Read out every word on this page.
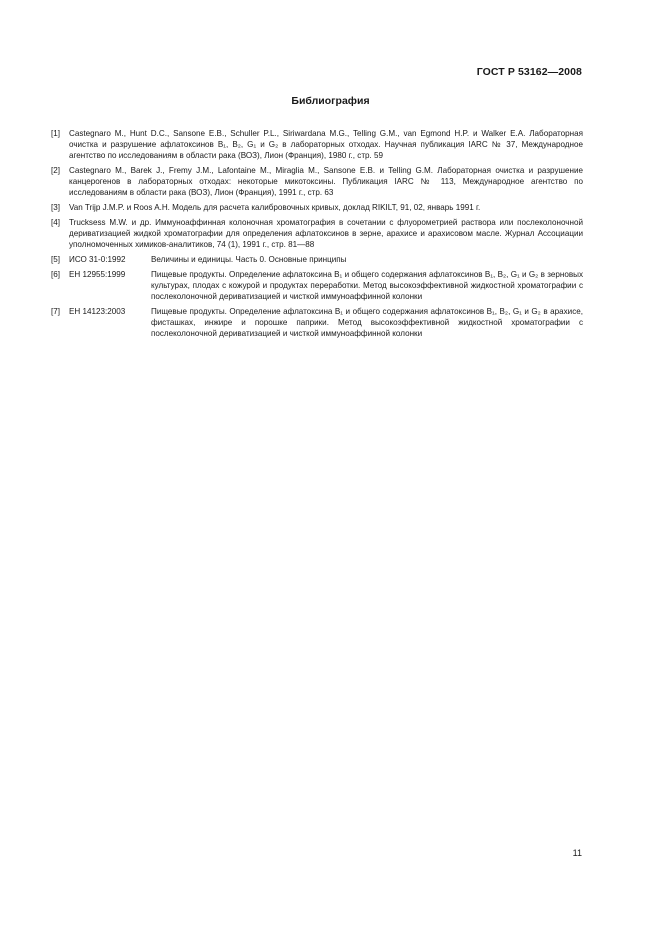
ГОСТ Р 53162—2008
Библиография
[1]	Castegnaro M., Hunt D.C., Sansone E.B., Schuller P.L., Siriwardana M.G., Telling G.M., van Egmond H.P. и Walker E.A. Лабораторная очистка и разрушение афлатоксинов B₁, B₂, G₁ и G₂ в лабораторных отходах. Научная публикация IARC № 37, Международное агентство по исследованиям в области рака (ВОЗ), Лион (Франция), 1980 г., стр. 59
[2]	Castegnaro M., Barek J., Fremy J.M., Lafontaine M., Miraglia M., Sansone E.B. и Telling G.M. Лабораторная очистка и разрушение канцерогенов в лабораторных отходах: некоторые микотоксины. Публикация IARC № 113, Международное агентство по исследованиям в области рака (ВОЗ), Лион (Франция), 1991 г., стр. 63
[3]	Van Trijp J.M.P. и Roos A.H. Модель для расчета калибровочных кривых, доклад RIKILT, 91, 02, январь 1991 г.
[4]	Trucksess M.W. и др. Иммуноаффинная колоночная хроматография в сочетании с флуорометрией раствора или послеколоночной дериватизацией жидкой хроматографии для определения афлатоксинов в зерне, арахисе и арахисовом масле. Журнал Ассоциации уполномоченных химиков-аналитиков, 74 (1), 1991 г., стр. 81—88
[5]	ИСО 31-0:1992	Величины и единицы. Часть 0. Основные принципы
[6]	ЕН 12955:1999	Пищевые продукты. Определение афлатоксина B₁ и общего содержания афлатоксинов B₁, B₂, G₁ и G₂ в зерновых культурах, плодах с кожурой и продуктах переработки. Метод высокоэффективной жидкостной хроматографии с послеколоночной дериватизацией и чисткой иммуноаффинной колонки
[7]	ЕН 14123:2003	Пищевые продукты. Определение афлатоксина B₁ и общего содержания афлатоксинов B₁, B₂, G₁ и G₂ в арахисе, фисташках, инжире и порошке паприки. Метод высокоэффективной жидкостной хроматографии с послеколоночной дериватизацией и чисткой иммуноаффинной колонки
11
